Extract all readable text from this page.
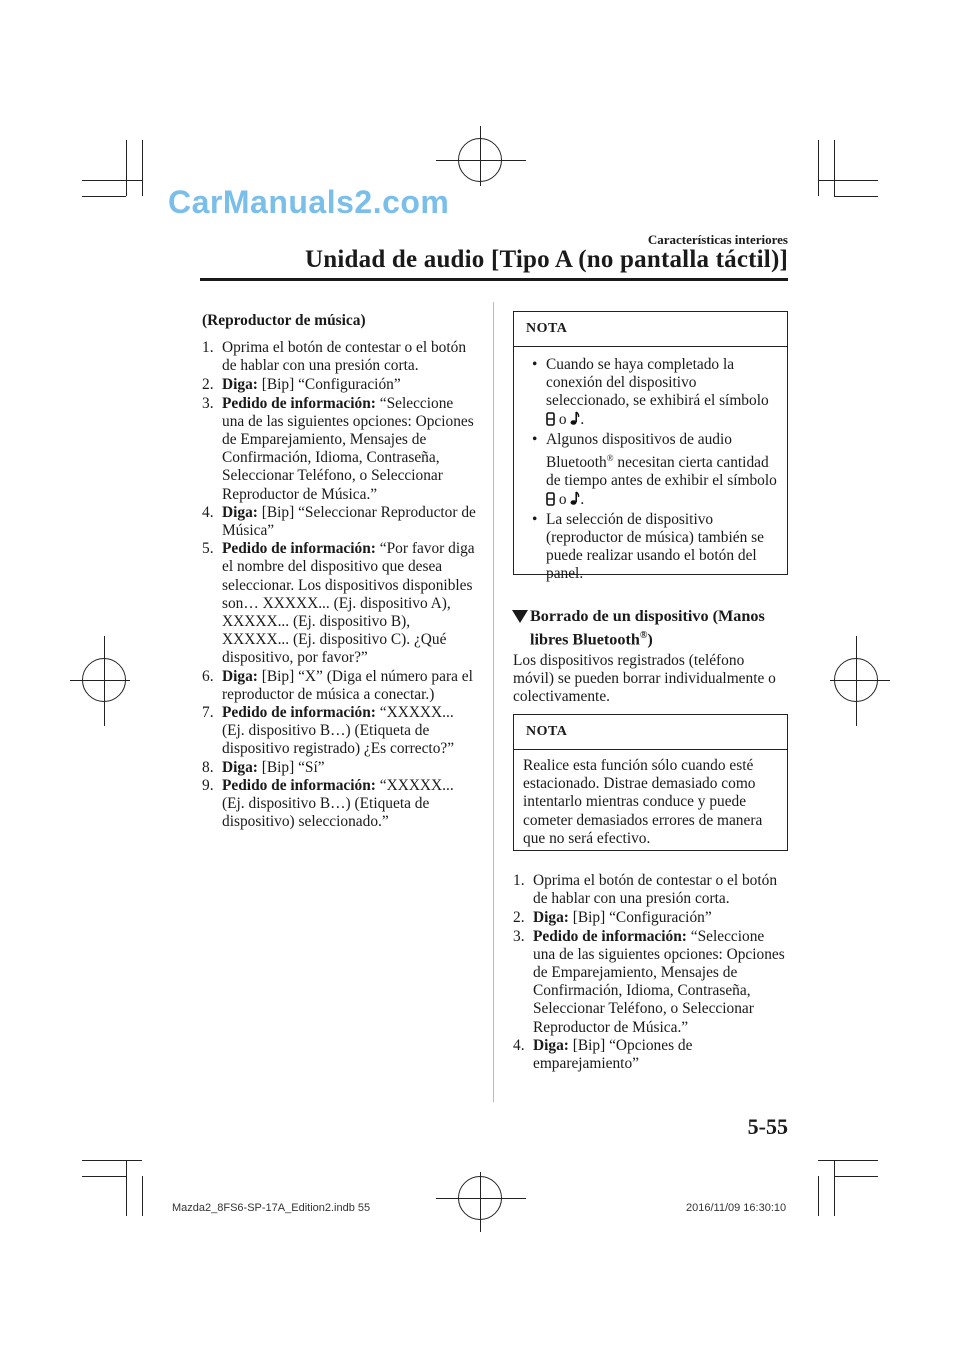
CarManuals2.com
Características interiores
Unidad de audio [Tipo A (no pantalla táctil)]
(Reproductor de música)
1. Oprima el botón de contestar o el botón de hablar con una presión corta.
2. Diga: [Bip] “Configuración”
3. Pedido de información: “Seleccione una de las siguientes opciones: Opciones de Emparejamiento, Mensajes de Confirmación, Idioma, Contraseña, Seleccionar Teléfono, o Seleccionar Reproductor de Música.”
4. Diga: [Bip] “Seleccionar Reproductor de Música”
5. Pedido de información: “Por favor diga el nombre del dispositivo que desea seleccionar. Los dispositivos disponibles son… XXXXX... (Ej. dispositivo A), XXXXX... (Ej. dispositivo B), XXXXX... (Ej. dispositivo C). ¿Qué dispositivo, por favor?”
6. Diga: [Bip] “X” (Diga el número para el reproductor de música a conectar.)
7. Pedido de información: “XXXXX... (Ej. dispositivo B…) (Etiqueta de dispositivo registrado) ¿Es correcto?”
8. Diga: [Bip] “Sí”
9. Pedido de información: “XXXXX... (Ej. dispositivo B…) (Etiqueta de dispositivo) seleccionado.”
NOTA
• Cuando se haya completado la conexión del dispositivo seleccionado, se exhibirá el símbolo
o .
• Algunos dispositivos de audio Bluetooth® necesitan cierta cantidad de tiempo antes de exhibir el símbolo
o .
• La selección de dispositivo (reproductor de música) también se puede realizar usando el botón del panel.
Borrado de un dispositivo (Manos libres Bluetooth®)
Los dispositivos registrados (teléfono móvil) se pueden borrar individualmente o colectivamente.
NOTA
Realice esta función sólo cuando esté estacionado. Distrae demasiado como intentarlo mientras conduce y puede cometer demasiados errores de manera que no será efectivo.
1. Oprima el botón de contestar o el botón de hablar con una presión corta.
2. Diga: [Bip] “Configuración”
3. Pedido de información: “Seleccione una de las siguientes opciones: Opciones de Emparejamiento, Mensajes de Confirmación, Idioma, Contraseña, Seleccionar Teléfono, o Seleccionar Reproductor de Música.”
4. Diga: [Bip] “Opciones de emparejamiento”
5-55
Mazda2_8FS6-SP-17A_Edition2.indb 55	2016/11/09 16:30:10
